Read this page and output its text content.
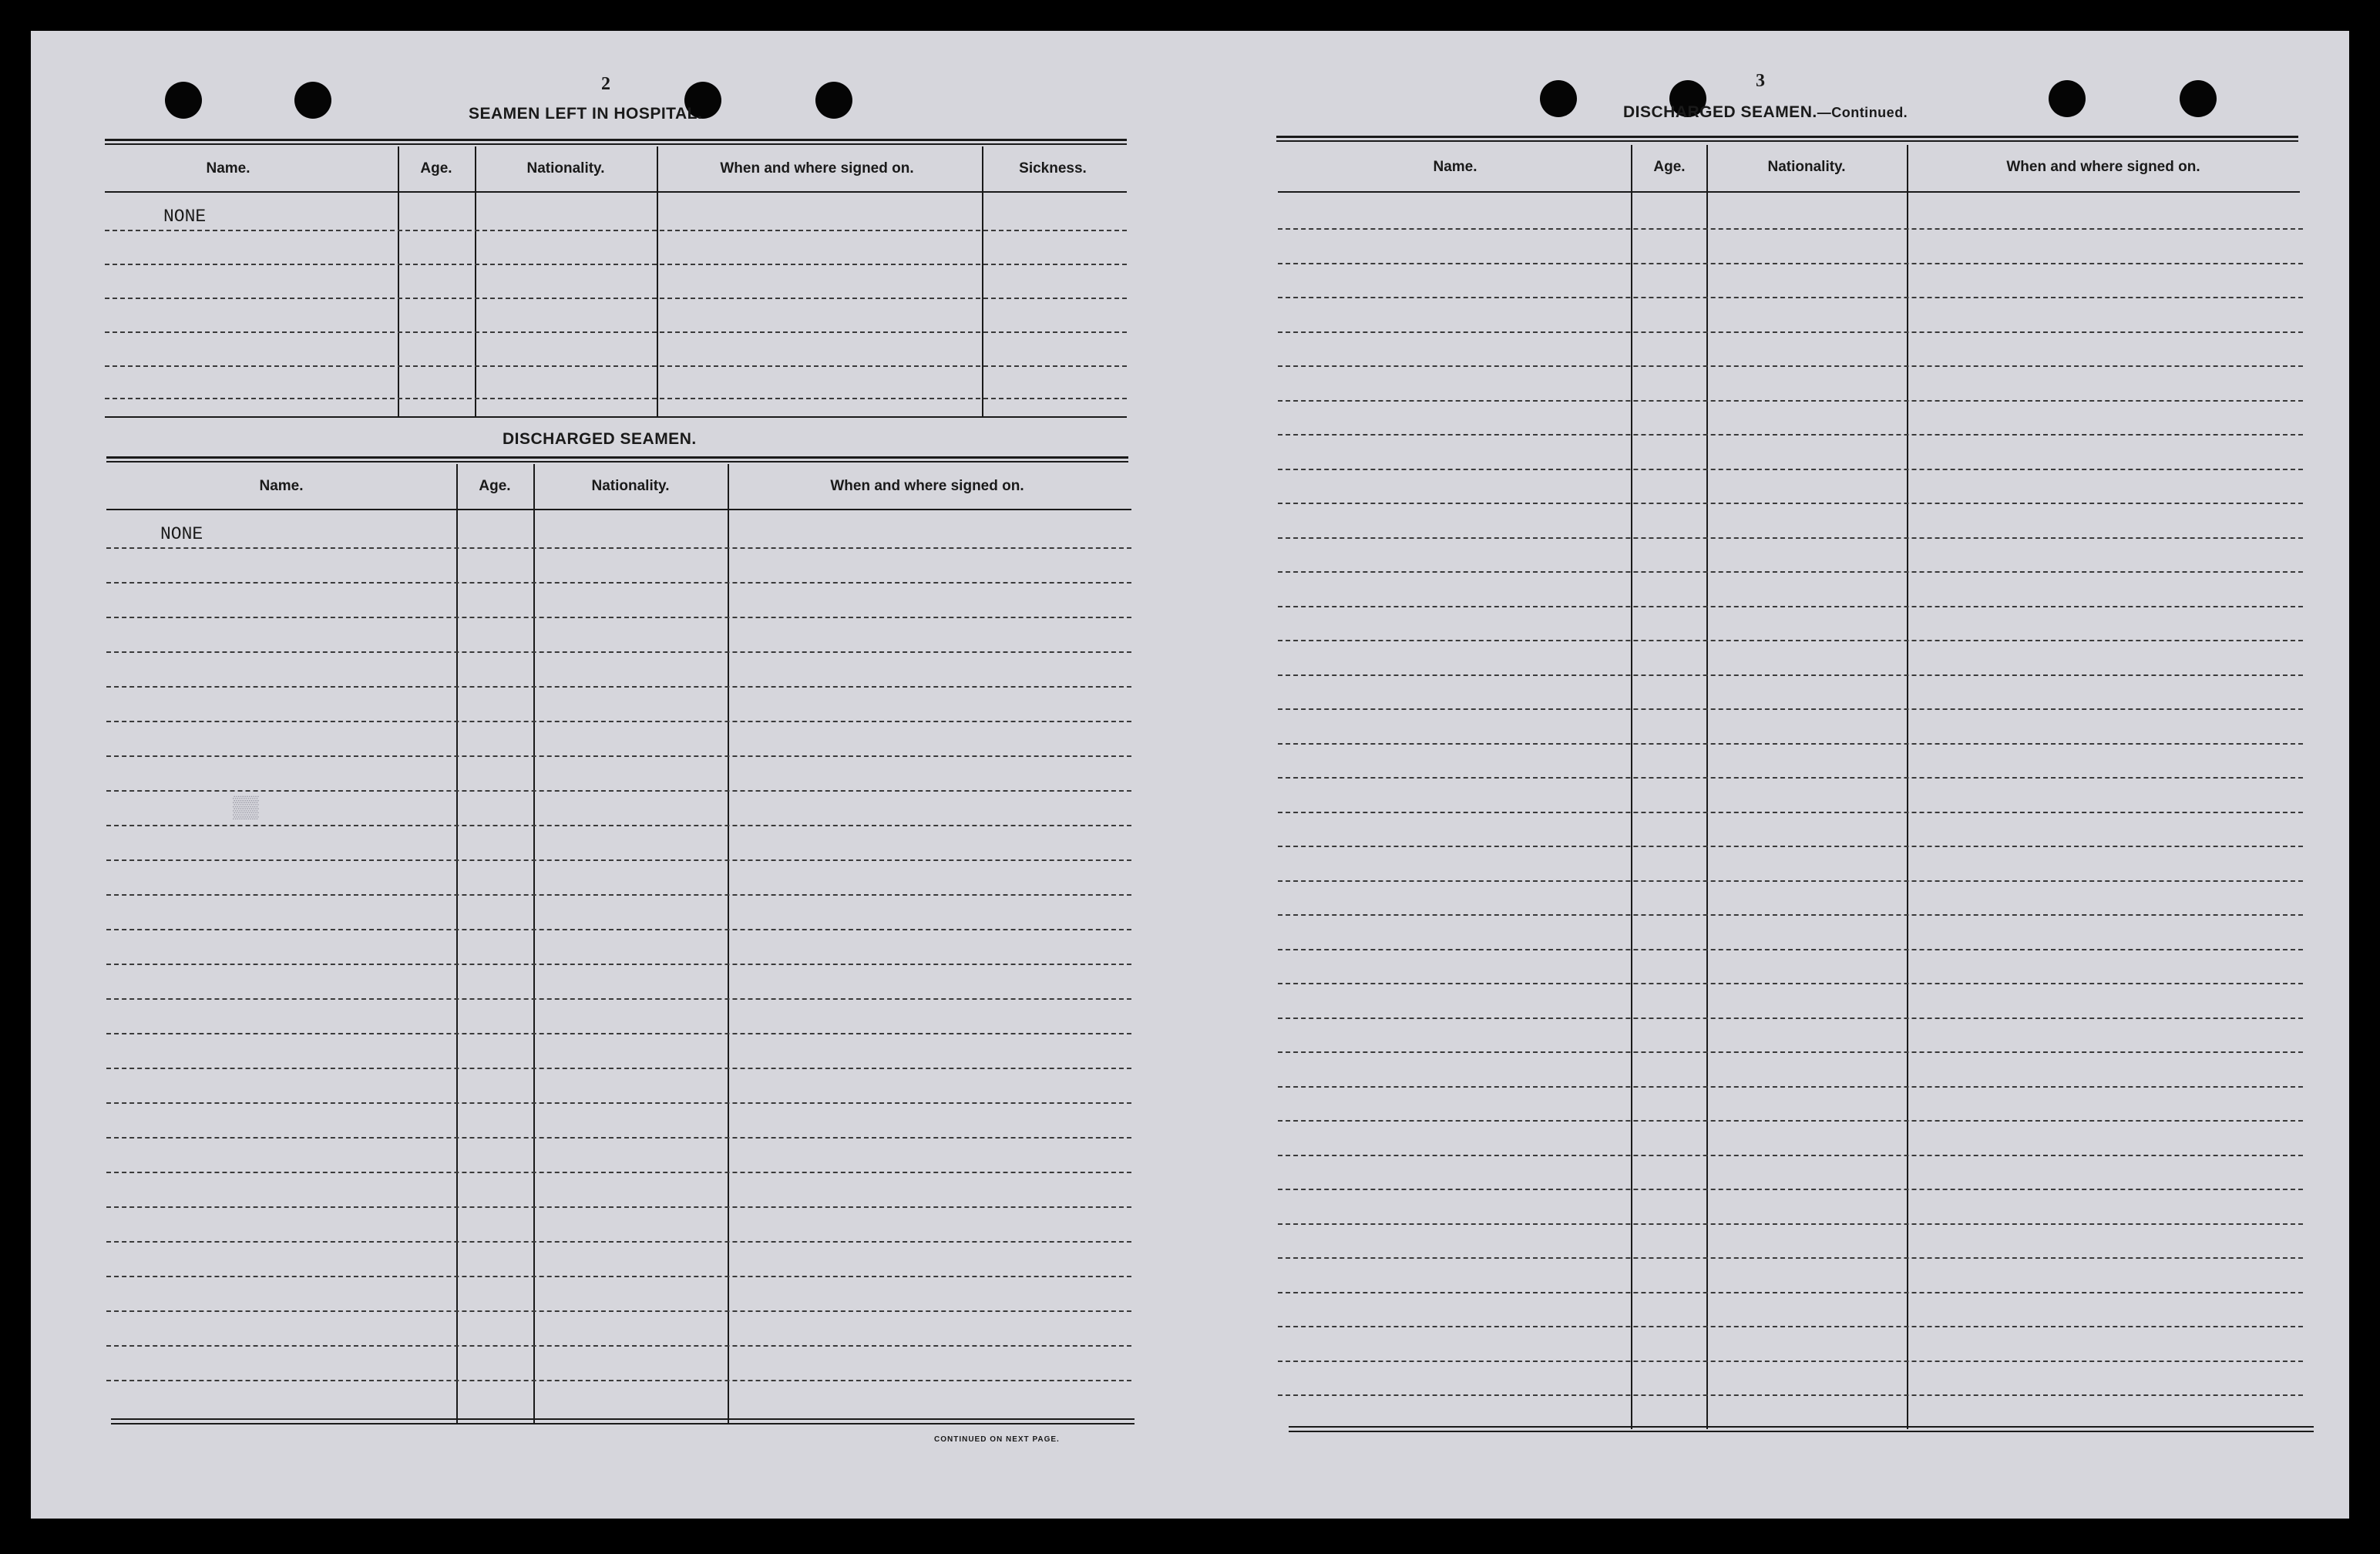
2
SEAMEN LEFT IN HOSPITAL.
Name.	Age.	Nationality.	When and where signed on.	Sickness.
NONE
DISCHARGED SEAMEN.
Name.	Age.	Nationality.	When and where signed on.
NONE
CONTINUED ON NEXT PAGE.
▒▒
3
DISCHARGED SEAMEN.—Continued.
Name.	Age.	Nationality.	When and where signed on.
